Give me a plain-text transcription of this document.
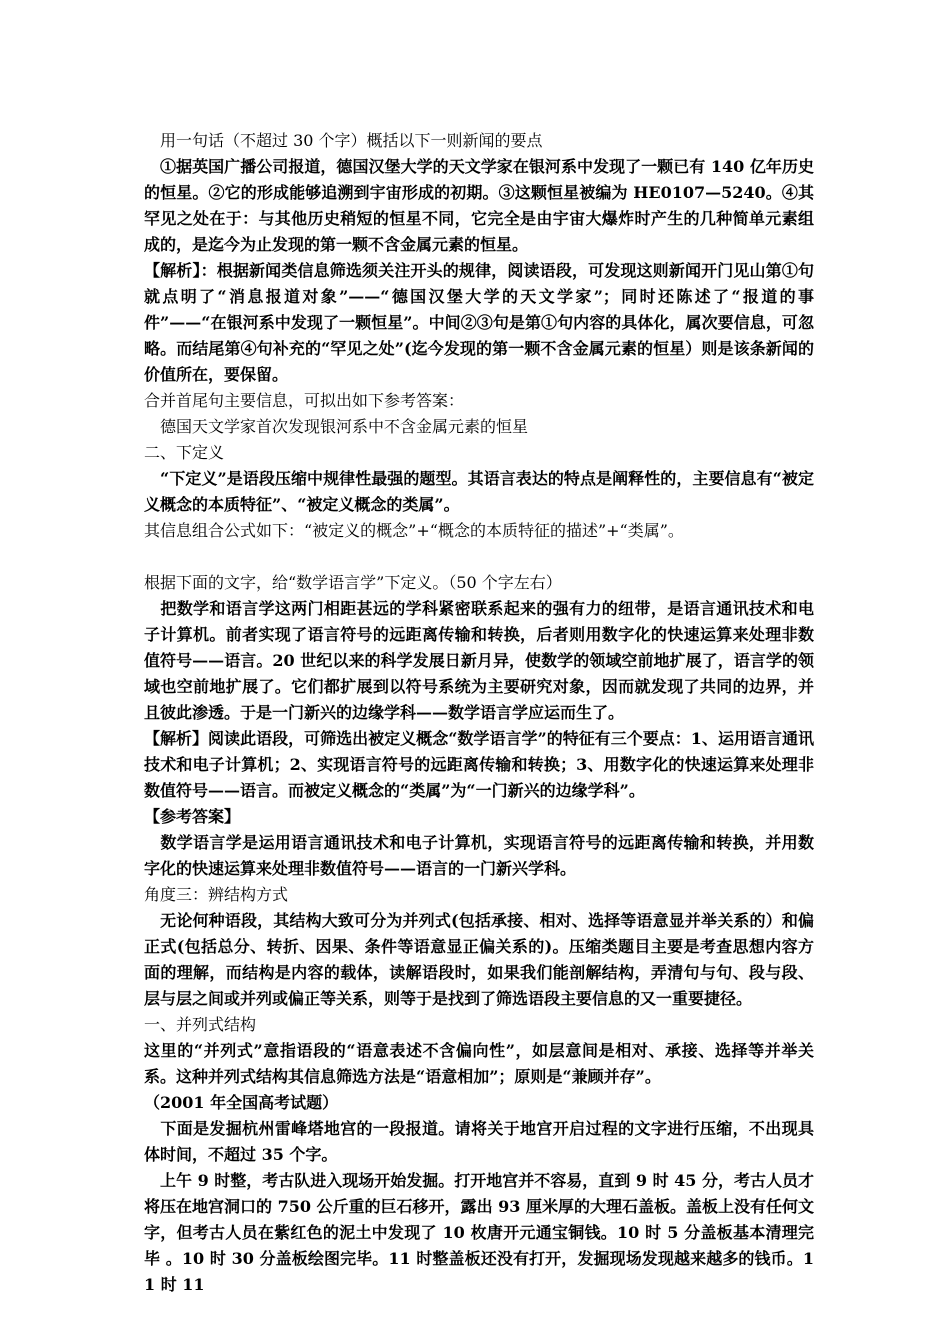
　用一句话（不超过 30 个字）概括以下一则新闻的要点

　①据英国广播公司报道，德国汉堡大学的天文学家在银河系中发现了一颗已有 140 亿年历史的恒星。②它的形成能够追溯到宇宙形成的初期。③这颗恒星被编为 HE0107—5240。④其罕见之处在于：与其他历史稍短的恒星不同，它完全是由宇宙大爆炸时产生的几种简单元素组成的，是迄今为止发现的第一颗不含金属元素的恒星。

【解析】：根据新闻类信息筛选须关注开头的规律，阅读语段，可发现这则新闻开门见山第①句就点明了“消息报道对象”——“德国汉堡大学的天文学家”；同时还陈述了“报道的事件”——“在银河系中发现了一颗恒星”。中间②③句是第①句内容的具体化，属次要信息，可忽略。而结尾第④句补充的“罕见之处”(迄今发现的第一颗不含金属元素的恒星）则是该条新闻的价值所在，要保留。

合并首尾句主要信息，可拟出如下参考答案：

　德国天文学家首次发现银河系中不含金属元素的恒星

二、下定义

　“下定义”是语段压缩中规律性最强的题型。其语言表达的特点是阐释性的，主要信息有“被定义概念的本质特征”、“被定义概念的类属”。

其信息组合公式如下：“被定义的概念”+“概念的本质特征的描述”+“类属”。

根据下面的文字，给“数学语言学”下定义。（50 个字左右）

　把数学和语言学这两门相距甚远的学科紧密联系起来的强有力的纽带，是语言通讯技术和电子计算机。前者实现了语言符号的远距离传输和转换，后者则用数字化的快速运算来处理非数值符号——语言。20 世纪以来的科学发展日新月异，使数学的领域空前地扩展了，语言学的领域也空前地扩展了。它们都扩展到以符号系统为主要研究对象，因而就发现了共同的边界，并且彼此渗透。于是一门新兴的边缘学科——数学语言学应运而生了。

【解析】阅读此语段，可筛选出被定义概念“数学语言学”的特征有三个要点：1、运用语言通讯技术和电子计算机；2、实现语言符号的远距离传输和转换；3、用数字化的快速运算来处理非数值符号——语言。而被定义概念的“类属”为“一门新兴的边缘学科”。

【参考答案】

　数学语言学是运用语言通讯技术和电子计算机，实现语言符号的远距离传输和转换，并用数字化的快速运算来处理非数值符号——语言的一门新兴学科。

角度三：辨结构方式

　无论何种语段，其结构大致可分为并列式(包括承接、相对、选择等语意显并举关系的）和偏正式(包括总分、转折、因果、条件等语意显正偏关系的)。压缩类题目主要是考查思想内容方面的理解，而结构是内容的载体，读解语段时，如果我们能剖解结构，弄清句与句、段与段、层与层之间或并列或偏正等关系，则等于是找到了筛选语段主要信息的又一重要捷径。

一、并列式结构

这里的“并列式”意指语段的“语意表述不含偏向性”，如层意间是相对、承接、选择等并举关系。这种并列式结构其信息筛选方法是“语意相加”；原则是“兼顾并存”。

（2001 年全国高考试题）

　下面是发掘杭州雷峰塔地宫的一段报道。请将关于地宫开启过程的文字进行压缩，不出现具体时间，不超过 35 个字。

　上午 9 时整，考古队进入现场开始发掘。打开地宫并不容易，直到 9 时 45 分，考古人员才将压在地宫洞口的 750 公斤重的巨石移开，露出 93 厘米厚的大理石盖板。盖板上没有任何文字，但考古人员在紫红色的泥土中发现了 10 枚唐开元通宝铜钱。10 时 5 分盖板基本清理完毕 。10 时 30 分盖板绘图完毕。11 时整盖板还没有打开，发掘现场发现越来越多的钱币。11 时 11
